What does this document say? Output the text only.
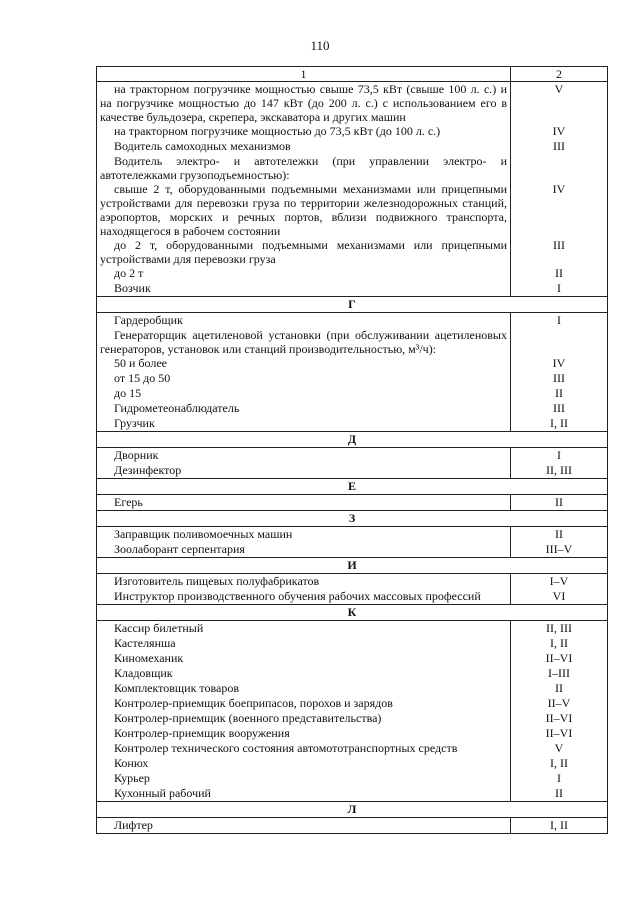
110
1	2
на тракторном погрузчике мощностью свыше 73,5 кВт (свыше 100 л. с.) и на погрузчике мощностью до 147 кВт (до 200 л. с.) с использованием его в качестве бульдозера, скрепера, экскаватора и других машин	V
на тракторном погрузчике мощностью до 73,5 кВт (до 100 л. с.)	IV
Водитель самоходных механизмов	III
Водитель электро- и автотележки (при управлении электро- и автотележками грузоподъемностью):	
свыше 2 т, оборудованными подъемными механизмами или прицепными устройствами для перевозки груза по территории железнодорожных станций, аэропортов, морских и речных портов, вблизи подвижного транспорта, находящегося в рабочем состоянии	IV
до 2 т, оборудованными подъемными механизмами или прицепными устройствами для перевозки груза	III
до 2 т	II
Возчик	I
Г	
Гардеробщик	I
Генераторщик ацетиленовой установки (при обслуживании ацетиленовых генераторов, установок или станций производительностью, м³/ч):	
50 и более	IV
от 15 до 50	III
до 15	II
Гидрометеонаблюдатель	III
Грузчик	I, II
Д	
Дворник	I
Дезинфектор	II, III
Е	
Егерь	II
З	
Заправщик поливомоечных машин	II
Зоолаборант серпентария	III–V
И	
Изготовитель пищевых полуфабрикатов	I–V
Инструктор производственного обучения рабочих массовых профессий	VI
К	
Кассир билетный	II, III
Кастелянша	I, II
Киномеханик	II–VI
Кладовщик	I–III
Комплектовщик товаров	II
Контролер-приемщик боеприпасов, порохов и зарядов	II–V
Контролер-приемщик (военного представительства)	II–VI
Контролер-приемщик вооружения	II–VI
Контролер технического состояния автомототранспортных средств	V
Конюх	I, II
Курьер	I
Кухонный рабочий	II
Л	
Лифтер	I, II
